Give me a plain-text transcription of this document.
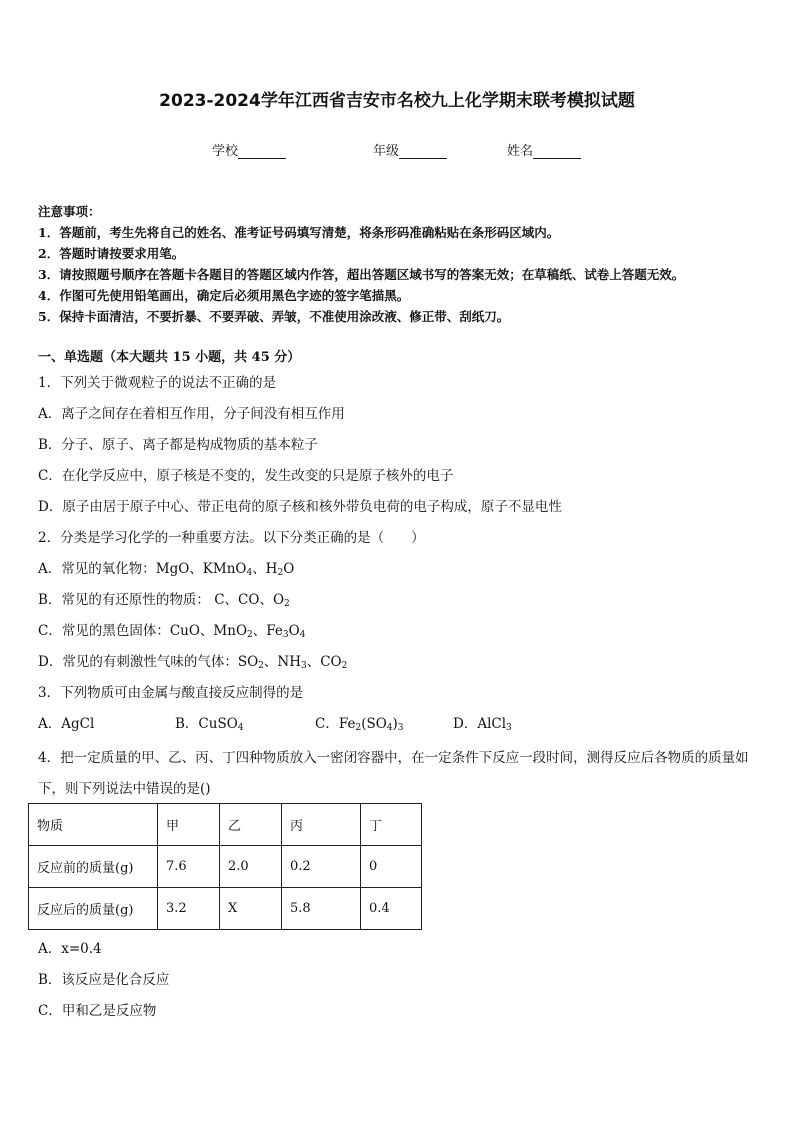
2023-2024学年江西省吉安市名校九上化学期末联考模拟试题
学校	年级	姓名
注意事项：
1．答题前，考生先将自己的姓名、准考证号码填写清楚，将条形码准确粘贴在条形码区域内。
2．答题时请按要求用笔。
3．请按照题号顺序在答题卡各题目的答题区域内作答，超出答题区域书写的答案无效；在草稿纸、试卷上答题无效。
4．作图可先使用铅笔画出，确定后必须用黑色字迹的签字笔描黑。
5．保持卡面清洁，不要折暴、不要弄破、弄皱，不准使用涂改液、修正带、刮纸刀。
一、单选题（本大题共 15 小题，共 45 分）
1．下列关于微观粒子的说法不正确的是
A．离子之间存在着相互作用，分子间没有相互作用
B．分子、原子、离子都是构成物质的基本粒子
C．在化学反应中，原子核是不变的，发生改变的只是原子核外的电子
D．原子由居于原子中心、带正电荷的原子核和核外带负电荷的电子构成，原子不显电性
2．分类是学习化学的一种重要方法。以下分类正确的是（　　）
A．常见的氧化物：MgO、KMnO$_4$、$H_2O$
B．常见的有还原性的物质： C、CO、$O_2$
C．常见的黑色固体：CuO、MnO$_2$、$Fe_3O_4$
D．常见的有刺激性气味的气体：$SO_2$、$NH_3$、$CO_2$
3．下列物质可由金属与酸直接反应制得的是
A．AgCl	B．CuSO$_4$	C．$Fe_2(SO_4)_3$	D．AlCl$_3$
4．把一定质量的甲、乙、丙、丁四种物质放入一密闭容器中，在一定条件下反应一段时间，测得反应后各物质的质量如下，则下列说法中错误的是()
物质	甲	乙	丙	丁
反应前的质量(g)	7.6	2.0	0.2	0
反应后的质量(g)	3.2	X	5.8	0.4
A．x=0.4
B．该反应是化合反应
C．甲和乙是反应物
